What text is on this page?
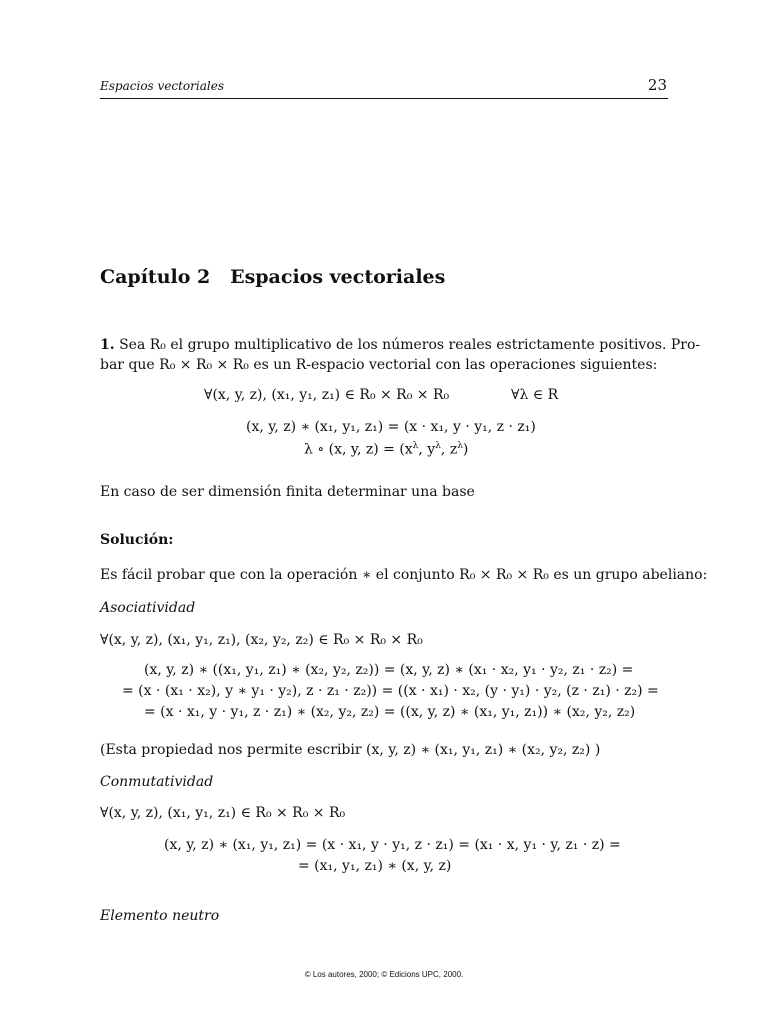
Espacios vectoriales	23
Capítulo 2   Espacios vectoriales
1. Sea R₀ el grupo multiplicativo de los números reales estrictamente positivos. Pro-
bar que R₀ × R₀ × R₀ es un R-espacio vectorial con las operaciones siguientes:
∀(x, y, z), (x₁, y₁, z₁) ∈ R₀ × R₀ × R₀	∀λ ∈ R
(x, y, z) ∗ (x₁, y₁, z₁) = (x · x₁, y · y₁, z · z₁)
λ ∘ (x, y, $z) = (x^\lambda$, $y^\lambda$, $z^\lambda$)
En caso de ser dimensión finita determinar una base
Solución:
Es fácil probar que con la operación ∗ el conjunto R₀ × R₀ × R₀ es un grupo abeliano:
Asociatividad
∀(x, y, z), (x₁, y₁, z₁), (x₂, y₂, z₂) ∈ R₀ × R₀ × R₀
(x, y, z) ∗ ((x₁, y₁, z₁) ∗ (x₂, y₂, z₂)) = (x, y, z) ∗ (x₁ · x₂, y₁ · y₂, z₁ · z₂) =
= (x · (x₁ · x₂), y ∗ y₁ · y₂), z · z₁ · z₂)) = ((x · x₁) · x₂, (y · y₁) · y₂, (z · z₁) · z₂) =
= (x · x₁, y · y₁, z · z₁) ∗ (x₂, y₂, z₂) = ((x, y, z) ∗ (x₁, y₁, z₁)) ∗ (x₂, y₂, z₂)
(Esta propiedad nos permite escribir (x, y, z) ∗ (x₁, y₁, z₁) ∗ (x₂, y₂, z₂) )
Conmutatividad
∀(x, y, z), (x₁, y₁, z₁) ∈ R₀ × R₀ × R₀
(x, y, z) ∗ (x₁, y₁, z₁) = (x · x₁, y · y₁, z · z₁) = (x₁ · x, y₁ · y, z₁ · z) =
= (x₁, y₁, z₁) ∗ (x, y, z)
Elemento neutro
© Los autores, 2000; © Edicions UPC, 2000.
